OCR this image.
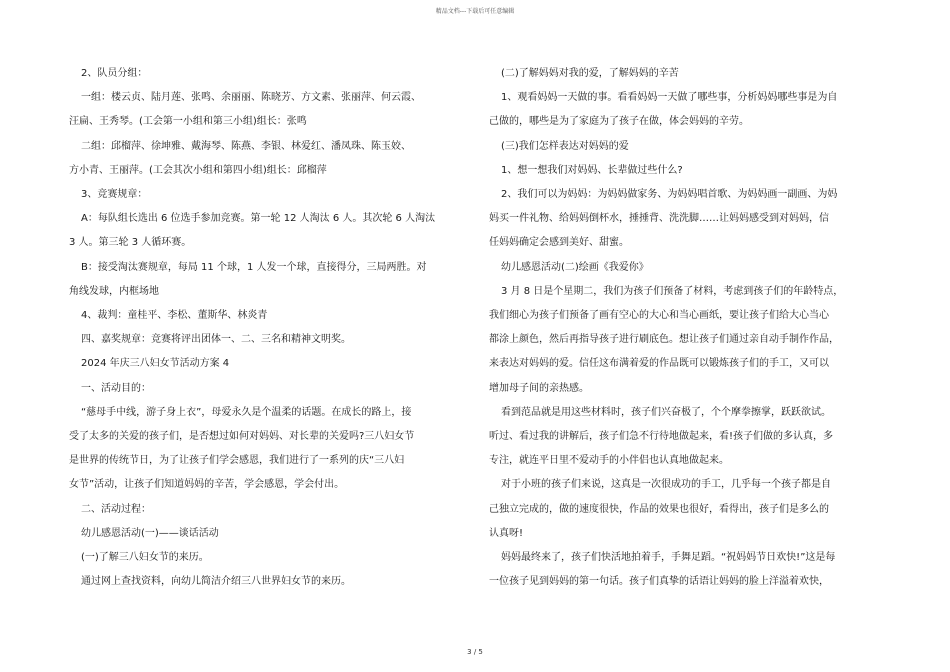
精品文档---下载后可任意编辑

2、队员分组：

一组：楼云贞、陆月莲、张鸣、余丽丽、陈晓芳、方文素、张丽萍、何云霞、

汪扁、王秀琴。(工会第一小组和第三小组)组长：张鸣

二组：邱榴萍、徐坤雅、戴海琴、陈燕、李银、林爱红、潘凤珠、陈玉姣、

方小青、王丽萍。(工会其次小组和第四小组)组长：邱榴萍

3、竞赛规章：

A：每队组长选出 6 位选手参加竞赛。第一轮 12 人淘汰 6 人。其次轮 6 人淘汰

3 人。第三轮 3 人循环赛。

B：接受淘汰赛规章，每局 11 个球，1 人发一个球，直接得分，三局两胜。对

角线发球，内框场地

4、裁判：童桂平、李松、董斯华、林炎青

四、嘉奖规章：竞赛将评出团体一、二、三名和精神文明奖。

2024 年庆三八妇女节活动方案 4

一、活动目的：

“慈母手中线，游子身上衣”，母爱永久是个温柔的话题。在成长的路上，接

受了太多的关爱的孩子们，是否想过如何对妈妈、对长辈的关爱吗?三八妇女节

是世界的传统节日，为了让孩子们学会感恩，我们进行了一系列的庆“三八妇

女节”活动，让孩子们知道妈妈的辛苦，学会感恩，学会付出。

二、活动过程：

幼儿感恩活动(一)——谈话活动

(一)了解三八妇女节的来历。

通过网上查找资料，向幼儿简洁介绍三八世界妇女节的来历。

(二)了解妈妈对我的爱，了解妈妈的辛苦

1、观看妈妈一天做的事。看看妈妈一天做了哪些事，分析妈妈哪些事是为自

己做的，哪些是为了家庭为了孩子在做，体会妈妈的辛劳。

(三)我们怎样表达对妈妈的爱

1、想一想我们对妈妈、长辈做过些什么?

2、我们可以为妈妈：为妈妈做家务、为妈妈唱首歌、为妈妈画一副画、为妈

妈买一件礼物、给妈妈倒杯水，捶捶背、洗洗脚……让妈妈感受到对妈妈，信

任妈妈确定会感到美好、甜蜜。

幼儿感恩活动(二)绘画《我爱你》

3 月 8 日是个星期二，我们为孩子们预备了材料，考虑到孩子们的年龄特点，

我们细心为孩子们预备了画有空心的大心和当心画纸，要让孩子们给大心当心

都涂上颜色，然后再指导孩子进行刷底色。想让孩子们通过亲自动手制作作品，

来表达对妈妈的爱。信任这布满着爱的作品既可以锻炼孩子们的手工，又可以

增加母子间的亲热感。

看到范品就是用这些材料时，孩子们兴奋极了，个个摩拳擦掌，跃跃欲试。

听过、看过我的讲解后，孩子们急不行待地做起来，看!孩子们做的多认真，多

专注，就连平日里不爱动手的小伴侣也认真地做起来。

对于小班的孩子们来说，这真是一次很成功的手工，几乎每一个孩子都是自

己独立完成的，做的速度很快，作品的效果也很好，看得出，孩子们是多么的

认真呀!

妈妈最终来了，孩子们快活地拍着手，手舞足蹈。“祝妈妈节日欢快!”这是每

一位孩子见到妈妈的第一句话。孩子们真挚的话语让妈妈的脸上洋溢着欢快，

3 / 5
